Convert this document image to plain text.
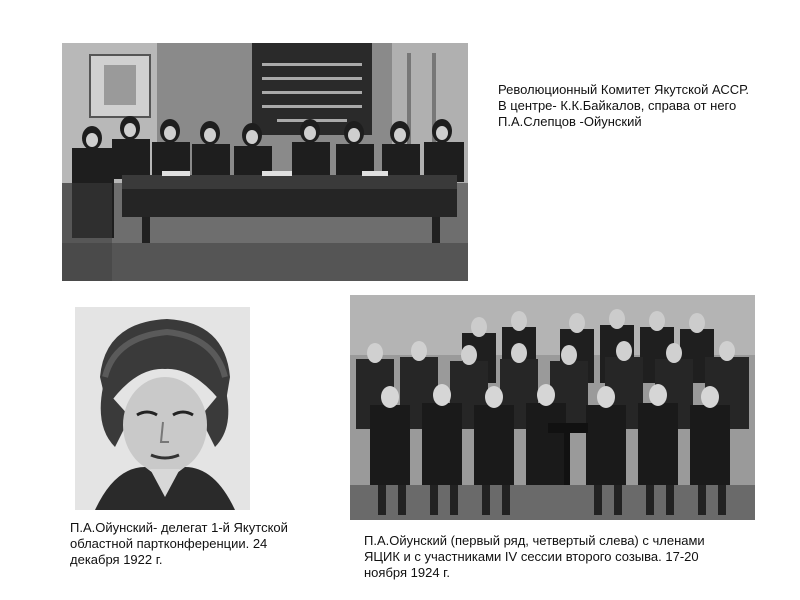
Революционный Комитет Якутской АССР.
В центре- К.К.Байкалов, справа от него П.А.Слепцов -Ойунский
П.А.Ойунский- делегат 1-й Якутской областной партконференции. 24 декабря 1922 г.
П.А.Ойунский (первый ряд, четвертый слева) с членами ЯЦИК и с участниками IV сессии второго созыва. 17-20 ноября 1924 г.
